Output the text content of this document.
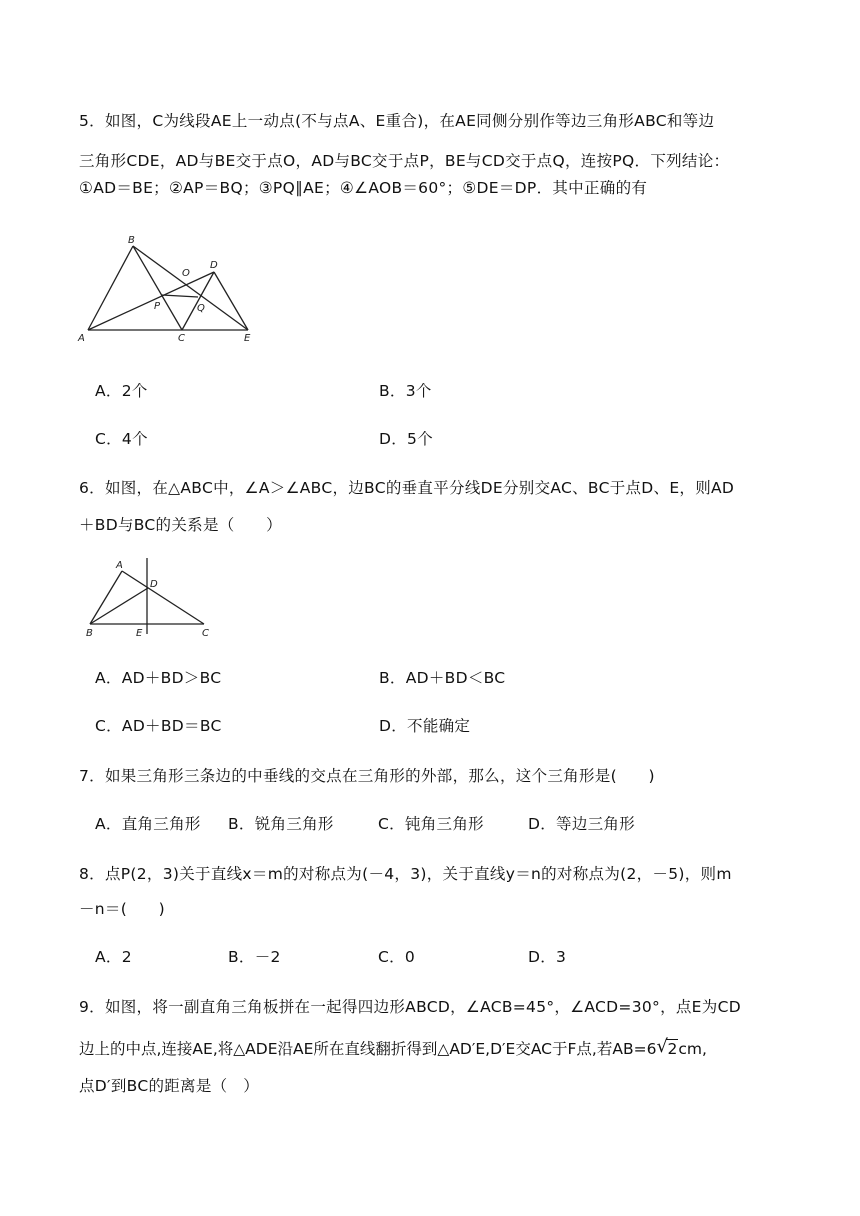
5．如图，C为线段AE上一动点(不与点A、E重合)，在AE同侧分别作等边三角形ABC和等边
三角形CDE，AD与BE交于点O，AD与BC交于点P，BE与CD交于点Q，连按PQ．下列结论：
①AD＝BE；②AP＝BQ；③PQ∥AE；④∠AOB＝60°；⑤DE＝DP．其中正确的有
B
D
O
P	Q
A	C	E
A．2个	B．3个
C．4个	D．5个
6．如图，在△ABC中，∠A＞∠ABC，边BC的垂直平分线DE分别交AC、BC于点D、E，则AD
＋BD与BC的关系是（　　）
A
D
B	E	C
A．AD＋BD＞BC	B．AD＋BD＜BC
C．AD＋BD＝BC	D．不能确定
7．如果三角形三条边的中垂线的交点在三角形的外部，那么，这个三角形是(　　)
A．直角三角形 B．锐角三角形	C．钝角三角形	D．等边三角形
8．点P(2，3)关于直线x＝m的对称点为(－4，3)，关于直线y＝n的对称点为(2，－5)，则m
－n＝(　　)
A．2	B．－2	C．0	D．3
9．如图，将一副直角三角板拼在一起得四边形ABCD，∠ACB=45°，∠ACD=30°，点E为CD
边上的中点,连接AE,将△ADE沿AE所在直线翻折得到△AD′E,D′E交AC于F点,若AB=6 √ 2cm,
点D′到BC的距离是（　）
